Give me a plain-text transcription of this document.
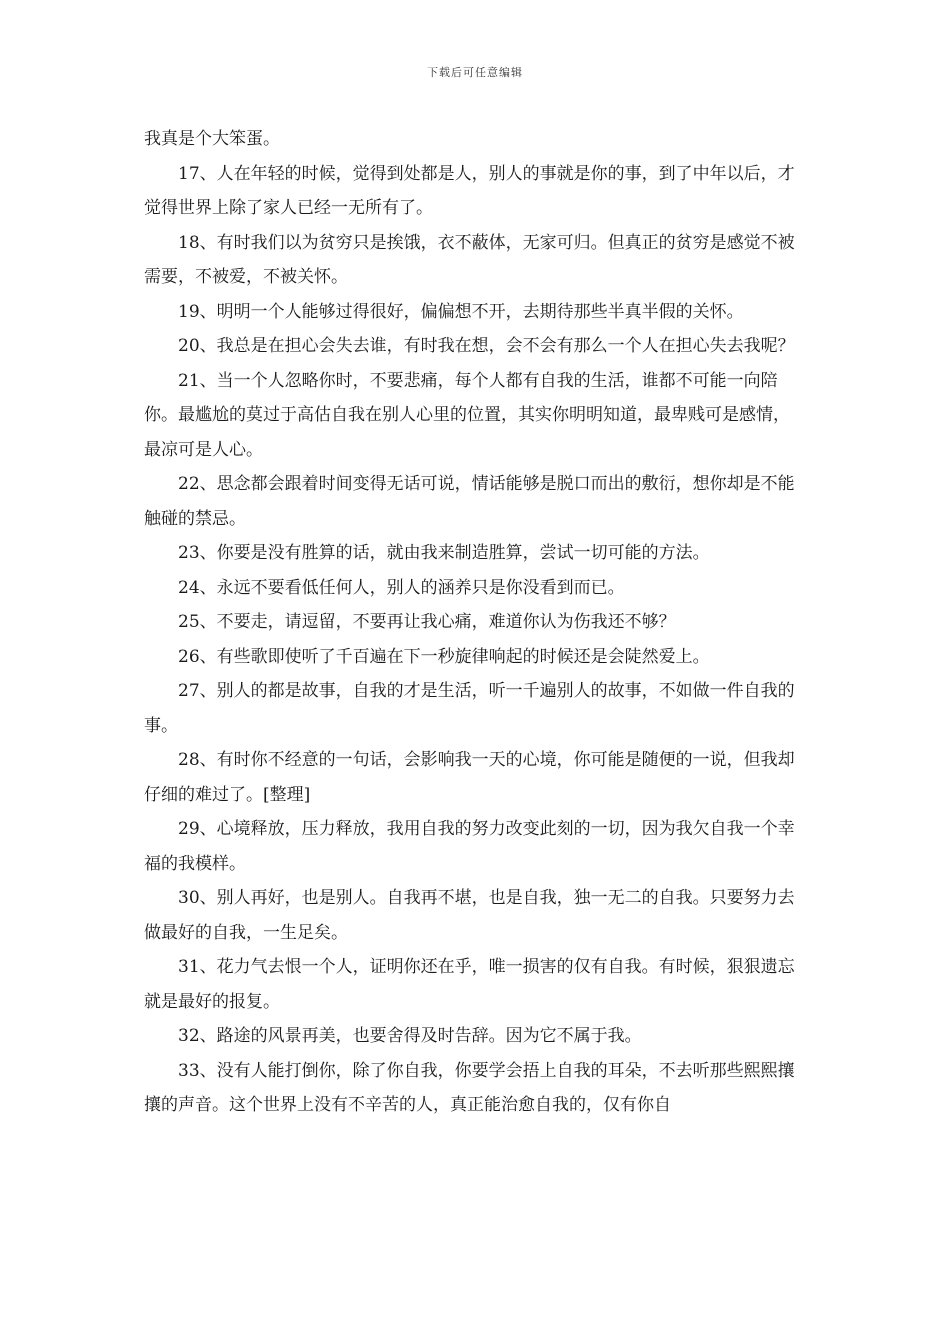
下载后可任意编辑

我真是个大笨蛋。

17、人在年轻的时候，觉得到处都是人，别人的事就是你的事，到了中年以后，才觉得世界上除了家人已经一无所有了。

18、有时我们以为贫穷只是挨饿，衣不蔽体，无家可归。但真正的贫穷是感觉不被需要，不被爱，不被关怀。

19、明明一个人能够过得很好，偏偏想不开，去期待那些半真半假的关怀。

20、我总是在担心会失去谁，有时我在想，会不会有那么一个人在担心失去我呢？

21、当一个人忽略你时，不要悲痛，每个人都有自我的生活，谁都不可能一向陪你。最尴尬的莫过于高估自我在别人心里的位置，其实你明明知道，最卑贱可是感情，最凉可是人心。

22、思念都会跟着时间变得无话可说，情话能够是脱口而出的敷衍，想你却是不能触碰的禁忌。

23、你要是没有胜算的话，就由我来制造胜算，尝试一切可能的方法。

24、永远不要看低任何人，别人的涵养只是你没看到而已。

25、不要走，请逗留，不要再让我心痛，难道你认为伤我还不够？

26、有些歌即使听了千百遍在下一秒旋律响起的时候还是会陡然爱上。

27、别人的都是故事，自我的才是生活，听一千遍别人的故事，不如做一件自我的事。

28、有时你不经意的一句话，会影响我一天的心境，你可能是随便的一说，但我却仔细的难过了。[整理]

29、心境释放，压力释放，我用自我的努力改变此刻的一切，因为我欠自我一个幸福的我模样。

30、别人再好，也是别人。自我再不堪，也是自我，独一无二的自我。只要努力去做最好的自我，一生足矣。

31、花力气去恨一个人，证明你还在乎，唯一损害的仅有自我。有时候，狠狠遗忘就是最好的报复。

32、路途的风景再美，也要舍得及时告辞。因为它不属于我。

33、没有人能打倒你，除了你自我，你要学会捂上自我的耳朵，不去听那些熙熙攘攘的声音。这个世界上没有不辛苦的人，真正能治愈自我的，仅有你自
